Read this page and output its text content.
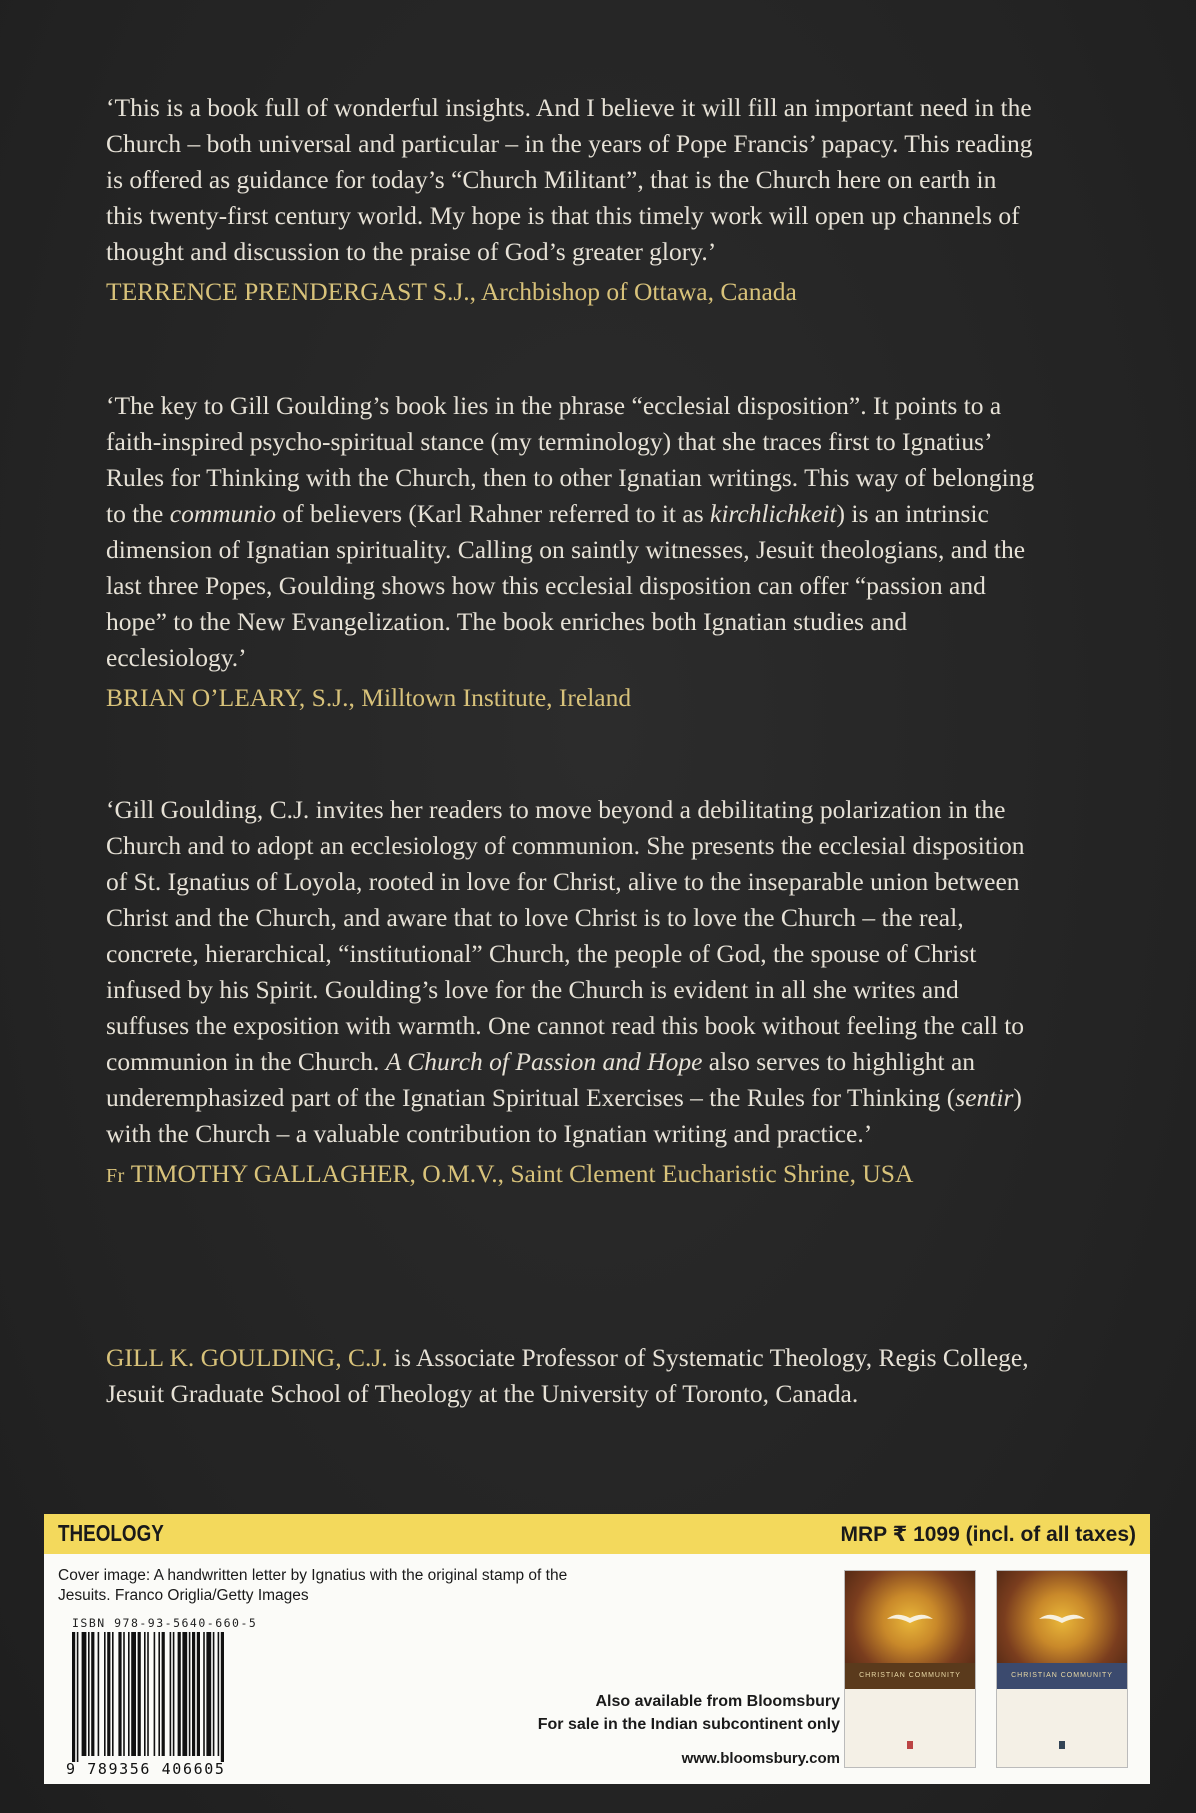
‘This is a book full of wonderful insights. And I believe it will fill an important need in the Church – both universal and particular – in the years of Pope Francis’ papacy. This reading is offered as guidance for today’s “Church Militant”, that is the Church here on earth in this twenty-first century world. My hope is that this timely work will open up channels of thought and discussion to the praise of God’s greater glory.’

TERRENCE PRENDERGAST S.J., Archbishop of Ottawa, Canada

‘The key to Gill Goulding’s book lies in the phrase “ecclesial disposition”. It points to a faith-inspired psycho-spiritual stance (my terminology) that she traces first to Ignatius’ Rules for Thinking with the Church, then to other Ignatian writings. This way of belonging to the communio of believers (Karl Rahner referred to it as kirchlichkeit) is an intrinsic dimension of Ignatian spirituality. Calling on saintly witnesses, Jesuit theologians, and the last three Popes, Goulding shows how this ecclesial disposition can offer “passion and hope” to the New Evangelization. The book enriches both Ignatian studies and ecclesiology.’

BRIAN O’LEARY, S.J., Milltown Institute, Ireland

‘Gill Goulding, C.J. invites her readers to move beyond a debilitating polarization in the Church and to adopt an ecclesiology of communion. She presents the ecclesial disposition of St. Ignatius of Loyola, rooted in love for Christ, alive to the inseparable union between Christ and the Church, and aware that to love Christ is to love the Church – the real, concrete, hierarchical, “institutional” Church, the people of God, the spouse of Christ infused by his Spirit. Goulding’s love for the Church is evident in all she writes and suffuses the exposition with warmth. One cannot read this book without feeling the call to communion in the Church. A Church of Passion and Hope also serves to highlight an underemphasized part of the Ignatian Spiritual Exercises – the Rules for Thinking (sentir) with the Church – a valuable contribution to Ignatian writing and practice.’

Fr TIMOTHY GALLAGHER, O.M.V., Saint Clement Eucharistic Shrine, USA

GILL K. GOULDING, C.J. is Associate Professor of Systematic Theology, Regis College, Jesuit Graduate School of Theology at the University of Toronto, Canada.

THEOLOGY	MRP ₹ 1099 (incl. of all taxes)
Cover image: A handwritten letter by Ignatius with the original stamp of the Jesuits. Franco Origlia/Getty Images
ISBN 978-93-5640-660-5
9 789356 406605
Also available from Bloomsbury
For sale in the Indian subcontinent only
www.bloomsbury.com
CHRISTIAN COMMUNITY	CHRISTIAN COMMUNITY
